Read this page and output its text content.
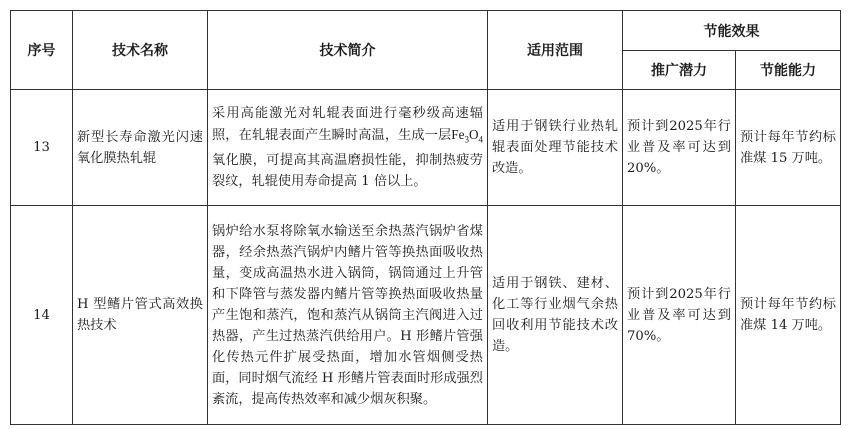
序号	技术名称	技术简介	适用范围	节能效果	
				推广潜力	节能能力
13	新型长寿命激光闪速氧化膜热轧辊	采用高能激光对轧辊表面进行毫秒级高速辐照，在轧辊表面产生瞬时高温，生成一层$Fe_3O_4$氧化膜，可提高其高温磨损性能，抑制热疲劳裂纹，轧辊使用寿命提高 1 倍以上。	适用于钢铁行业热轧辊表面处理节能技术改造。	预计到2025年行业普及率可达到20%。	预计每年节约标准煤 15 万吨。
14	H 型鳍片管式高效换热技术	锅炉给水泵将除氧水输送至余热蒸汽锅炉省煤器，经余热蒸汽锅炉内鳍片管等换热面吸收热量，变成高温热水进入锅筒，锅筒通过上升管和下降管与蒸发器内鳍片管等换热面吸收热量产生饱和蒸汽，饱和蒸汽从锅筒主汽阀进入过热器，产生过热蒸汽供给用户。H 形鳍片管强化传热元件扩展受热面，增加水管烟侧受热面，同时烟气流经 H 形鳍片管表面时形成强烈紊流，提高传热效率和减少烟灰积聚。	适用于钢铁、建材、化工等行业烟气余热回收利用节能技术改造。	预计到2025年行业普及率可达到70%。	预计每年节约标准煤 14 万吨。
